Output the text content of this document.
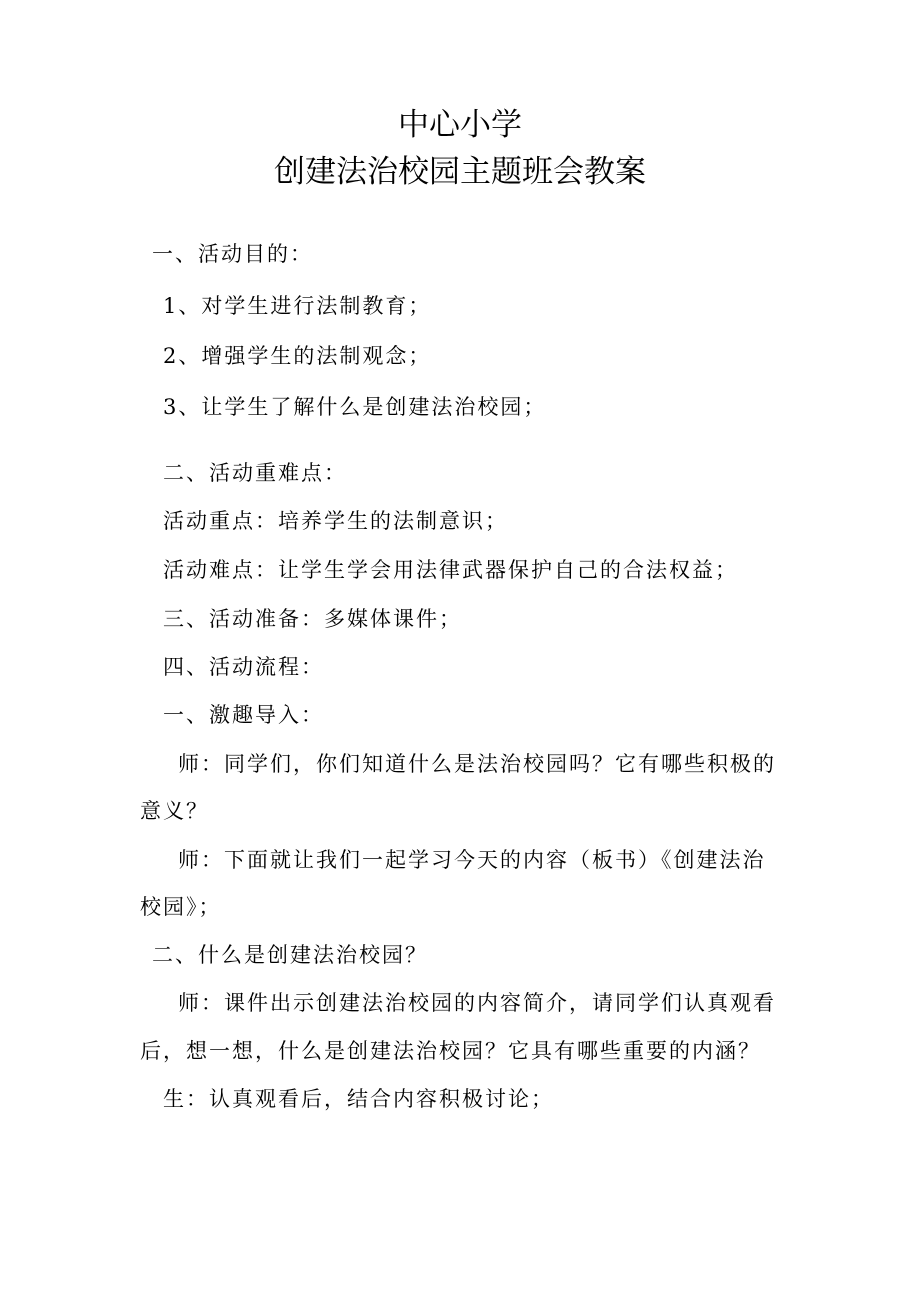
中心小学
创建法治校园主题班会教案
一、活动目的：
1、对学生进行法制教育；
2、增强学生的法制观念；
3、让学生了解什么是创建法治校园；
二、活动重难点：
活动重点：培养学生的法制意识；
活动难点：让学生学会用法律武器保护自己的合法权益；
三、活动准备：多媒体课件；
四、活动流程：
一、激趣导入：
师：同学们，你们知道什么是法治校园吗？它有哪些积极的
意义？
师：下面就让我们一起学习今天的内容（板书）《创建法治
校园》；
二、什么是创建法治校园？
师：课件出示创建法治校园的内容简介，请同学们认真观看
后，想一想，什么是创建法治校园？它具有哪些重要的内涵？
生：认真观看后，结合内容积极讨论；
